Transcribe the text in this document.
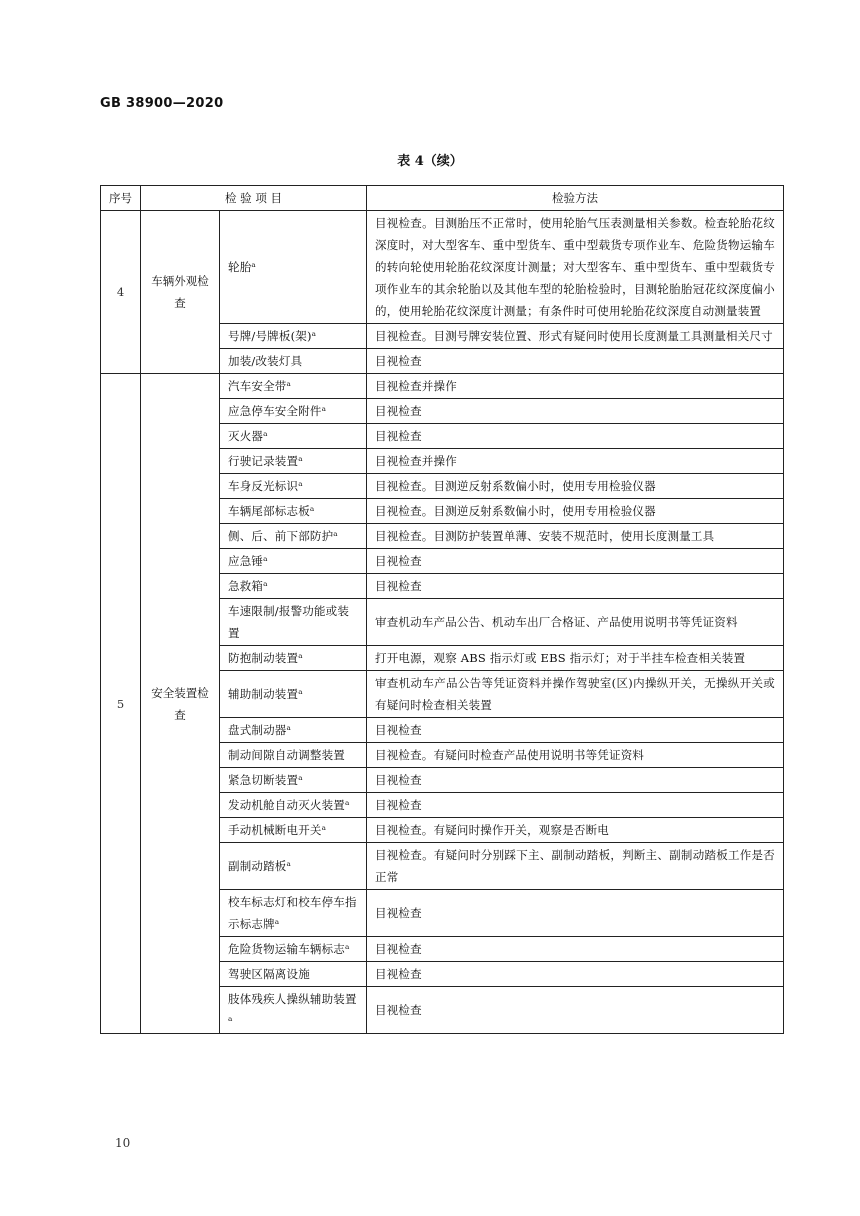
GB 38900—2020
表 4（续）
序号	检 验 项 目		检验方法
4	车辆外观检查	轮胎ᵃ	目视检查。目测胎压不正常时，使用轮胎气压表测量相关参数。检查轮胎花纹深度时，对大型客车、重中型货车、重中型载货专项作业车、危险货物运输车的转向轮使用轮胎花纹深度计测量；对大型客车、重中型货车、重中型载货专项作业车的其余轮胎以及其他车型的轮胎检验时，目测轮胎胎冠花纹深度偏小的，使用轮胎花纹深度计测量；有条件时可使用轮胎花纹深度自动测量装置
		号牌/号牌板(架)ᵃ	目视检查。目测号牌安装位置、形式有疑问时使用长度测量工具测量相关尺寸
		加装/改装灯具	目视检查
5	安全装置检查	汽车安全带ᵃ	目视检查并操作
		应急停车安全附件ᵃ	目视检查
		灭火器ᵃ	目视检查
		行驶记录装置ᵃ	目视检查并操作
		车身反光标识ᵃ	目视检查。目测逆反射系数偏小时，使用专用检验仪器
		车辆尾部标志板ᵃ	目视检查。目测逆反射系数偏小时，使用专用检验仪器
		侧、后、前下部防护ᵃ	目视检查。目测防护装置单薄、安装不规范时，使用长度测量工具
		应急锤ᵃ	目视检查
		急救箱ᵃ	目视检查
		车速限制/报警功能或装置	审查机动车产品公告、机动车出厂合格证、产品使用说明书等凭证资料
		防抱制动装置ᵃ	打开电源，观察 ABS 指示灯或 EBS 指示灯；对于半挂车检查相关装置
		辅助制动装置ᵃ	审查机动车产品公告等凭证资料并操作驾驶室(区)内操纵开关，无操纵开关或有疑问时检查相关装置
		盘式制动器ᵃ	目视检查
		制动间隙自动调整装置	目视检查。有疑问时检查产品使用说明书等凭证资料
		紧急切断装置ᵃ	目视检查
		发动机舱自动灭火装置ᵃ	目视检查
		手动机械断电开关ᵃ	目视检查。有疑问时操作开关，观察是否断电
		副制动踏板ᵃ	目视检查。有疑问时分别踩下主、副制动踏板，判断主、副制动踏板工作是否正常
		校车标志灯和校车停车指示标志牌ᵃ	目视检查
		危险货物运输车辆标志ᵃ	目视检查
		驾驶区隔离设施	目视检查
		肢体残疾人操纵辅助装置ᵃ	目视检查
10
